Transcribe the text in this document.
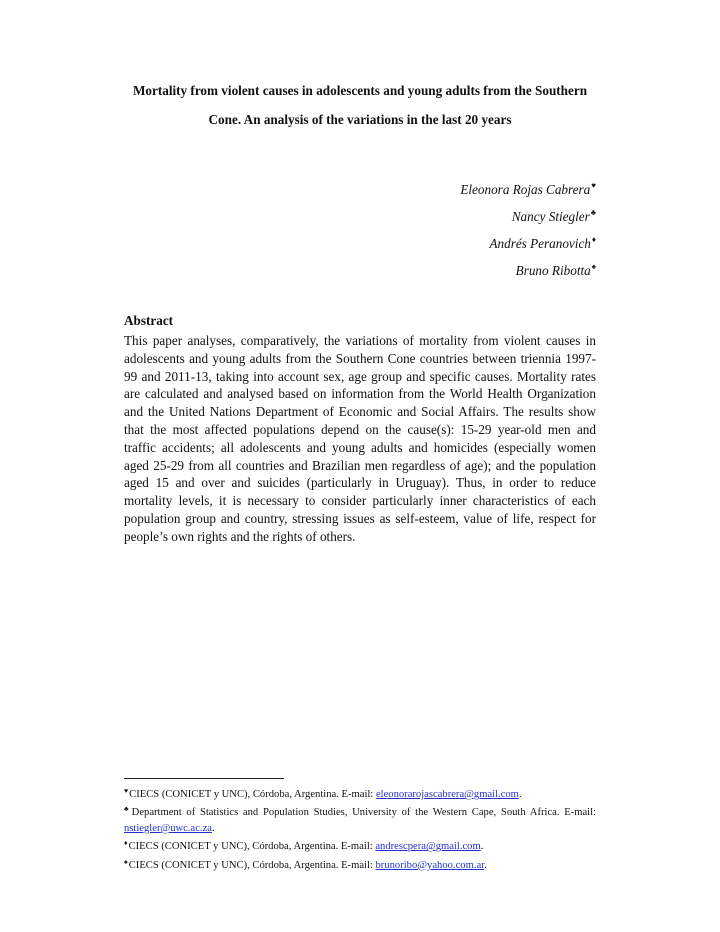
Mortality from violent causes in adolescents and young adults from the Southern
Cone. An analysis of the variations in the last 20 years
Eleonora Rojas Cabrera♥
Nancy Stiegler♣
Andrés Peranovich♦
Bruno Ribotta♠
Abstract
This paper analyses, comparatively, the variations of mortality from violent causes in
adolescents and young adults from the Southern Cone countries between triennia 1997-
99 and 2011-13, taking into account sex, age group and specific causes. Mortality rates
are calculated and analysed based on information from the World Health Organization
and the United Nations Department of Economic and Social Affairs. The results show
that the most affected populations depend on the cause(s): 15-29 year-old men and
traffic accidents; all adolescents and young adults and homicides (especially women
aged 25-29 from all countries and Brazilian men regardless of age); and the population
aged 15 and over and suicides (particularly in Uruguay). Thus, in order to reduce
mortality levels, it is necessary to consider particularly inner characteristics of each
population group and country, stressing issues as self-esteem, value of life, respect for
people’s own rights and the rights of others.
♥CIECS (CONICET y UNC), Córdoba, Argentina. E-mail: eleonorarojascabrera@gmail.com.
♣Department of Statistics and Population Studies, University of the Western Cape, South Africa. E-mail: nstiegler@uwc.ac.za.
♦CIECS (CONICET y UNC), Córdoba, Argentina. E-mail: andrescpera@gmail.com.
♠CIECS (CONICET y UNC), Córdoba, Argentina. E-mail: brunoribo@yahoo.com.ar.
